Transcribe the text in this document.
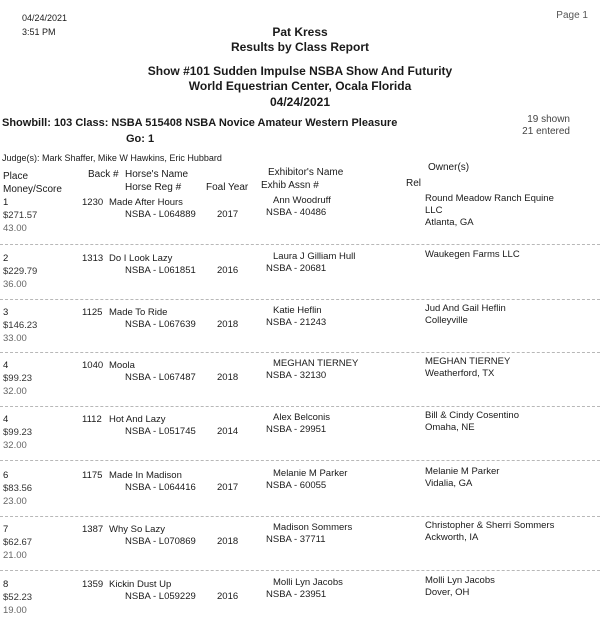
04/24/2021
3:51 PM
Page 1
Pat Kress
Results by Class Report
Show #101 Sudden Impulse NSBA Show And Futurity
World Equestrian Center, Ocala Florida
04/24/2021
Showbill: 103 Class: NSBA 515408 NSBA Novice Amateur Western Pleasure
Go: 1
19 shown
21 entered
Judge(s): Mark Shaffer, Mike W Hawkins, Eric Hubbard
Place
Money/Score
Back # Horse's Name
Horse Reg # Foal Year
Exhibitor's Name
Exhib Assn #	Rel
Owner(s)
1
$271.57
43.00
1230 Made After Hours
NSBA - L064889 2017
Ann Woodruff
NSBA - 40486
Round Meadow Ranch Equine
LLC
Atlanta, GA
2
$229.79
36.00
1313 Do I Look Lazy
NSBA - L061851 2016
Laura J Gilliam Hull
NSBA - 20681
Waukegen Farms LLC
3
$146.23
33.00
1125 Made To Ride
NSBA - L067639 2018
Katie Heflin
NSBA - 21243
Jud And Gail Heflin
Colleyville
4
$99.23
32.00
1040 Moola
NSBA - L067487 2018
MEGHAN TIERNEY
NSBA - 32130
MEGHAN TIERNEY
Weatherford, TX
4
$99.23
32.00
1112 Hot And Lazy
NSBA - L051745 2014
Alex Belconis
NSBA - 29951
Bill & Cindy Cosentino
Omaha, NE
6
$83.56
23.00
1175 Made In Madison
NSBA - L064416 2017
Melanie M Parker
NSBA - 60055
Melanie M Parker
Vidalia, GA
7
$62.67
21.00
1387 Why So Lazy
NSBA - L070869 2018
Madison Sommers
NSBA - 37711
Christopher & Sherri Sommers
Ackworth, IA
8
$52.23
19.00
1359 Kickin Dust Up
NSBA - L059229 2016
Molli Lyn Jacobs
NSBA - 23951
Molli Lyn Jacobs
Dover, OH
